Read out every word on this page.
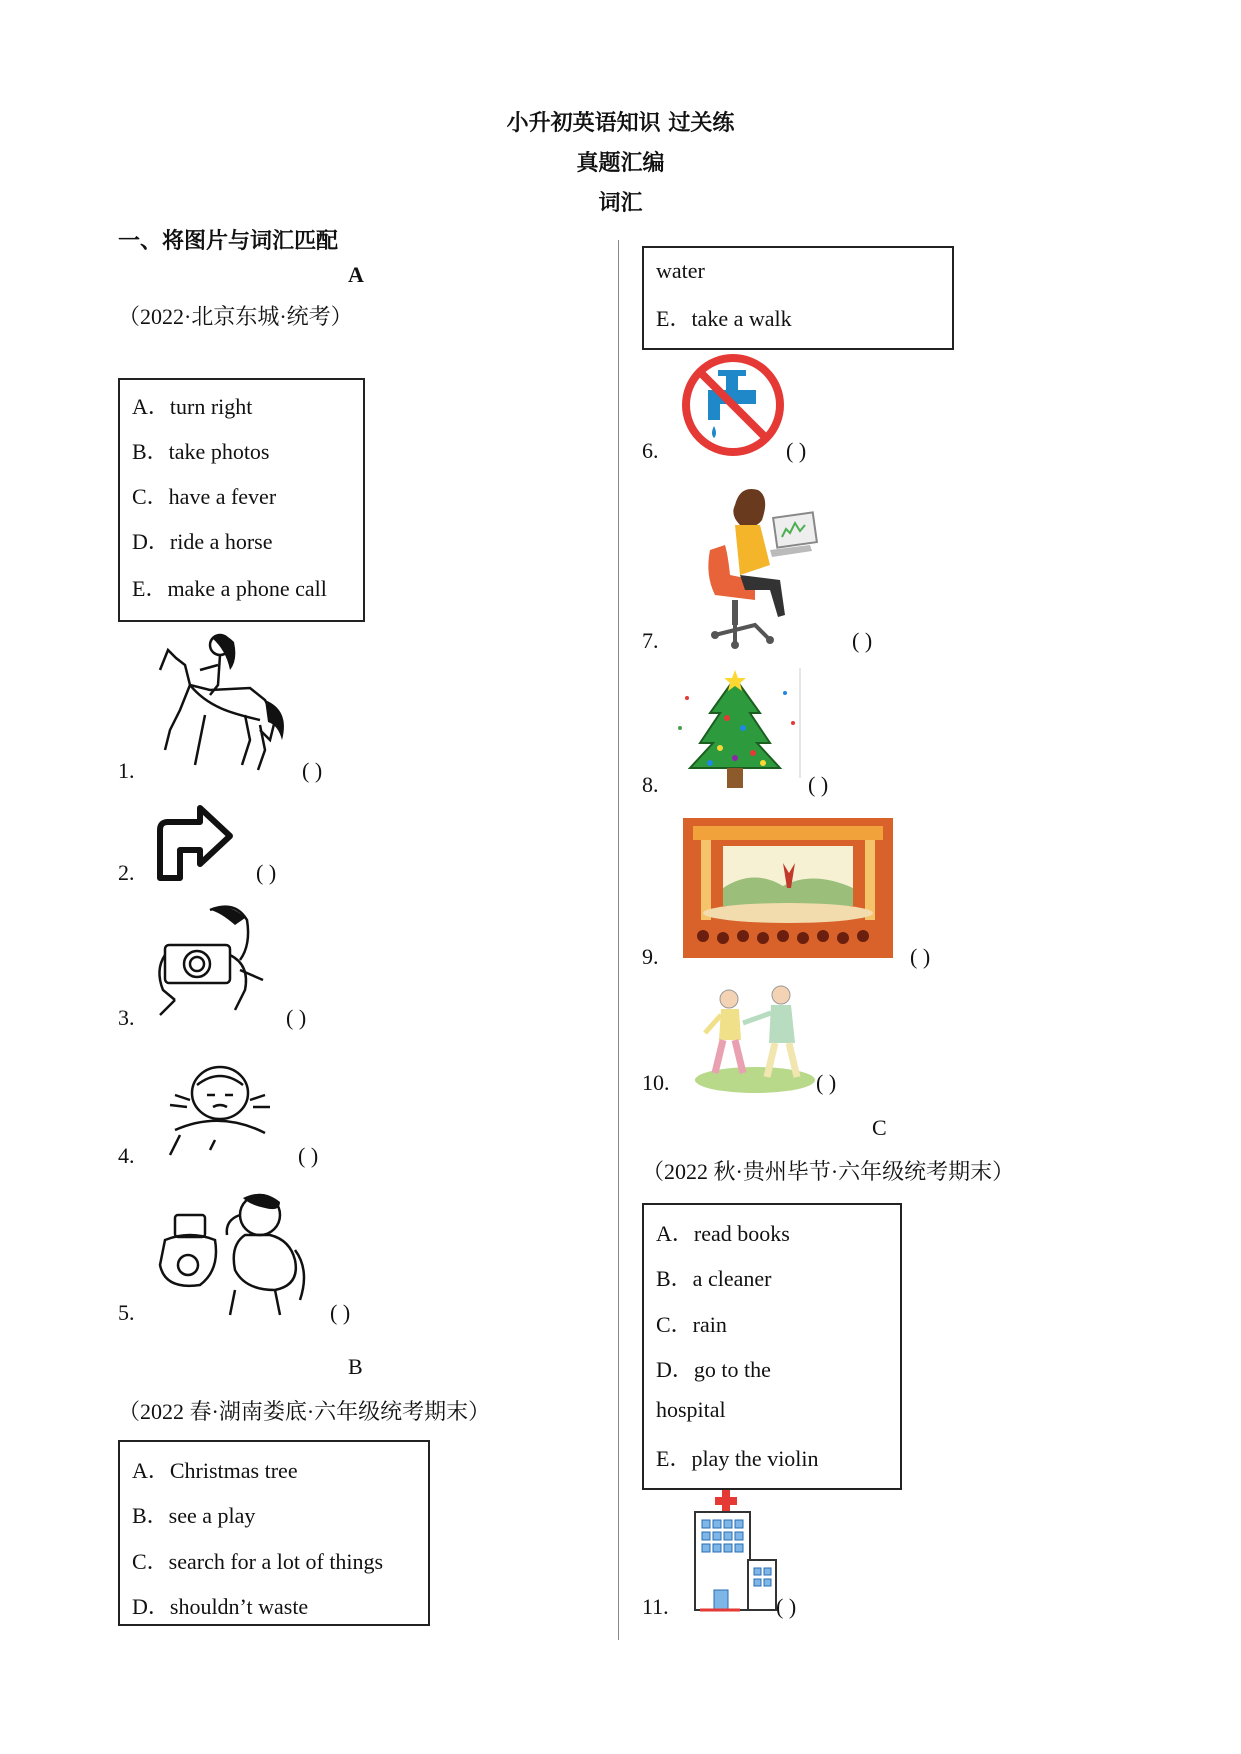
小升初英语知识 过关练
真题汇编
词汇
一、将图片与词汇匹配
A
（2022·北京东城·统考）
A．turn right
B．take photos
C．have a fever
D．ride a horse
E．make a phone call
1.	( )
2.	( )
3.	( )
4.	( )
5.	( )
B
（2022 春·湖南娄底·六年级统考期末）
A．Christmas tree
B．see a play
C．search for a lot of things
D．shouldn’t waste
water
E．take a walk
6.	( )
7.	( )
8.	( )
9.	( )
10.	( )
C
（2022 秋·贵州毕节·六年级统考期末）
A．read books
B．a cleaner
C．rain
D．go to the
hospital
E．play the violin
11.	( )
